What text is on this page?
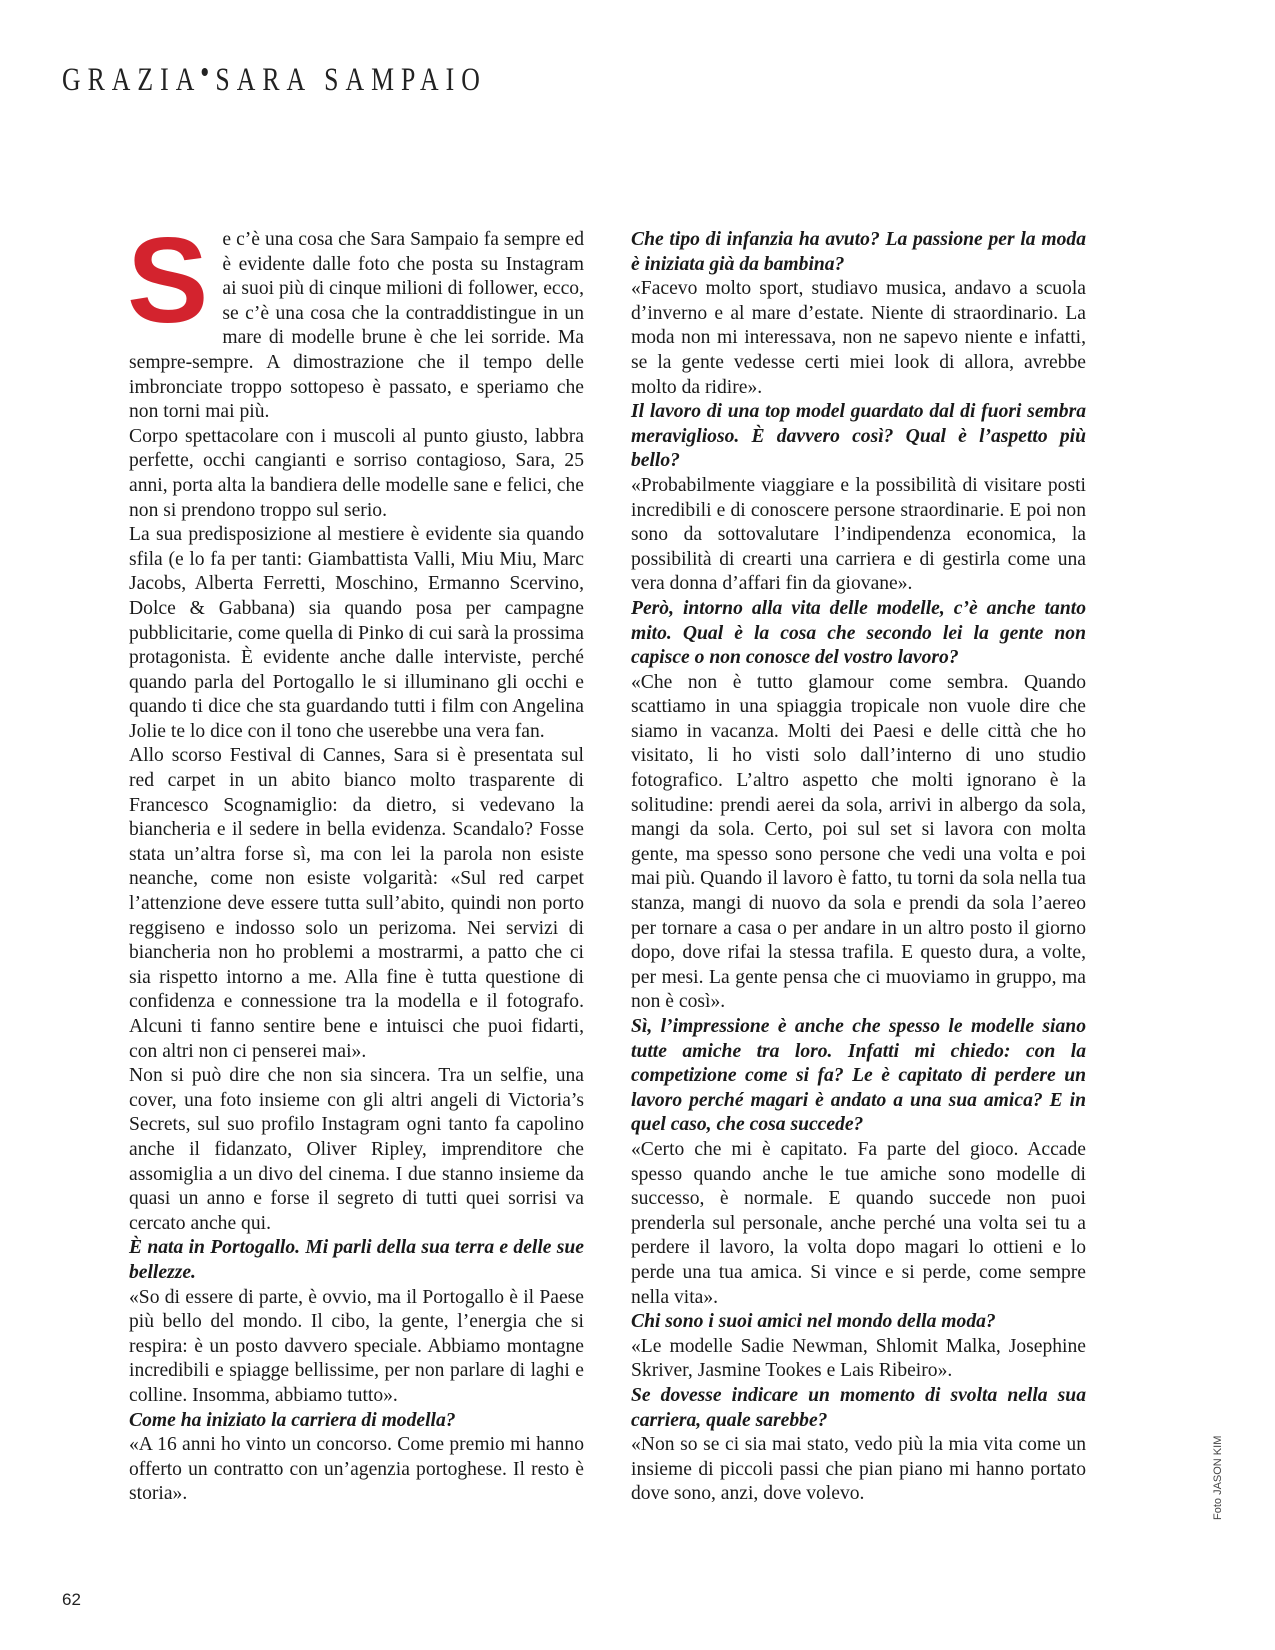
GRAZIA SARA SAMPAIO

Se c’è una cosa che Sara Sampaio fa sempre ed è evidente dalle foto che posta su Instagram ai suoi più di cinque milioni di follower, ecco, se c’è una cosa che la contraddistingue in un mare di modelle brune è che lei sorride. Ma sempre-sempre. A dimostrazione che il tempo delle imbronciate troppo sottopeso è passato, e speriamo che non torni mai più.

Corpo spettacolare con i muscoli al punto giusto, labbra perfette, occhi cangianti e sorriso contagioso, Sara, 25 anni, porta alta la bandiera delle modelle sane e felici, che non si prendono troppo sul serio.

La sua predisposizione al mestiere è evidente sia quando sfila (e lo fa per tanti: Giambattista Valli, Miu Miu, Marc Jacobs, Alberta Ferretti, Moschino, Ermanno Scervino, Dolce & Gabbana) sia quando posa per campagne pubblicitarie, come quella di Pinko di cui sarà la prossima protagonista. È evidente anche dalle interviste, perché quando parla del Portogallo le si illuminano gli occhi e quando ti dice che sta guardando tutti i film con Angelina Jolie te lo dice con il tono che userebbe una vera fan.

Allo scorso Festival di Cannes, Sara si è presentata sul red carpet in un abito bianco molto trasparente di Francesco Scognamiglio: da dietro, si vedevano la biancheria e il sedere in bella evidenza. Scandalo? Fosse stata un’altra forse sì, ma con lei la parola non esiste neanche, come non esiste volgarità: «Sul red carpet l’attenzione deve essere tutta sull’abito, quindi non porto reggiseno e indosso solo un perizoma. Nei servizi di biancheria non ho problemi a mostrarmi, a patto che ci sia rispetto intorno a me. Alla fine è tutta questione di confidenza e connessione tra la modella e il fotografo. Alcuni ti fanno sentire bene e intuisci che puoi fidarti, con altri non ci penserei mai».

Non si può dire che non sia sincera. Tra un selfie, una cover, una foto insieme con gli altri angeli di Victoria’s Secrets, sul suo profilo Instagram ogni tanto fa capolino anche il fidanzato, Oliver Ripley, imprenditore che assomiglia a un divo del cinema. I due stanno insieme da quasi un anno e forse il segreto di tutti quei sorrisi va cercato anche qui.

È nata in Portogallo. Mi parli della sua terra e delle sue bellezze.

«So di essere di parte, è ovvio, ma il Portogallo è il Paese più bello del mondo. Il cibo, la gente, l’energia che si respira: è un posto davvero speciale. Abbiamo montagne incredibili e spiagge bellissime, per non parlare di laghi e colline. Insomma, abbiamo tutto».

Come ha iniziato la carriera di modella?

«A 16 anni ho vinto un concorso. Come premio mi hanno offerto un contratto con un’agenzia portoghese. Il resto è storia».

Che tipo di infanzia ha avuto? La passione per la moda è iniziata già da bambina?

«Facevo molto sport, studiavo musica, andavo a scuola d’inverno e al mare d’estate. Niente di straordinario. La moda non mi interessava, non ne sapevo niente e infatti, se la gente vedesse certi miei look di allora, avrebbe molto da ridire».

Il lavoro di una top model guardato dal di fuori sembra meraviglioso. È davvero così? Qual è l’aspetto più bello?

«Probabilmente viaggiare e la possibilità di visitare posti incredibili e di conoscere persone straordinarie. E poi non sono da sottovalutare l’indipendenza economica, la possibilità di crearti una carriera e di gestirla come una vera donna d’affari fin da giovane».

Però, intorno alla vita delle modelle, c’è anche tanto mito. Qual è la cosa che secondo lei la gente non capisce o non conosce del vostro lavoro?

«Che non è tutto glamour come sembra. Quando scattiamo in una spiaggia tropicale non vuole dire che siamo in vacanza. Molti dei Paesi e delle città che ho visitato, li ho visti solo dall’interno di uno studio fotografico. L’altro aspetto che molti ignorano è la solitudine: prendi aerei da sola, arrivi in albergo da sola, mangi da sola. Certo, poi sul set si lavora con molta gente, ma spesso sono persone che vedi una volta e poi mai più. Quando il lavoro è fatto, tu torni da sola nella tua stanza, mangi di nuovo da sola e prendi da sola l’aereo per tornare a casa o per andare in un altro posto il giorno dopo, dove rifai la stessa trafila. E questo dura, a volte, per mesi. La gente pensa che ci muoviamo in gruppo, ma non è così».

Sì, l’impressione è anche che spesso le modelle siano tutte amiche tra loro. Infatti mi chiedo: con la competizione come si fa? Le è capitato di perdere un lavoro perché magari è andato a una sua amica? E in quel caso, che cosa succede?

«Certo che mi è capitato. Fa parte del gioco. Accade spesso quando anche le tue amiche sono modelle di successo, è normale. E quando succede non puoi prenderla sul personale, anche perché una volta sei tu a perdere il lavoro, la volta dopo magari lo ottieni e lo perde una tua amica. Si vince e si perde, come sempre nella vita».

Chi sono i suoi amici nel mondo della moda?

«Le modelle Sadie Newman, Shlomit Malka, Josephine Skriver, Jasmine Tookes e Lais Ribeiro».

Se dovesse indicare un momento di svolta nella sua carriera, quale sarebbe?

«Non so se ci sia mai stato, vedo più la mia vita come un insieme di piccoli passi che pian piano mi hanno portato dove sono, anzi, dove volevo.	Foto JASON KIM
62
